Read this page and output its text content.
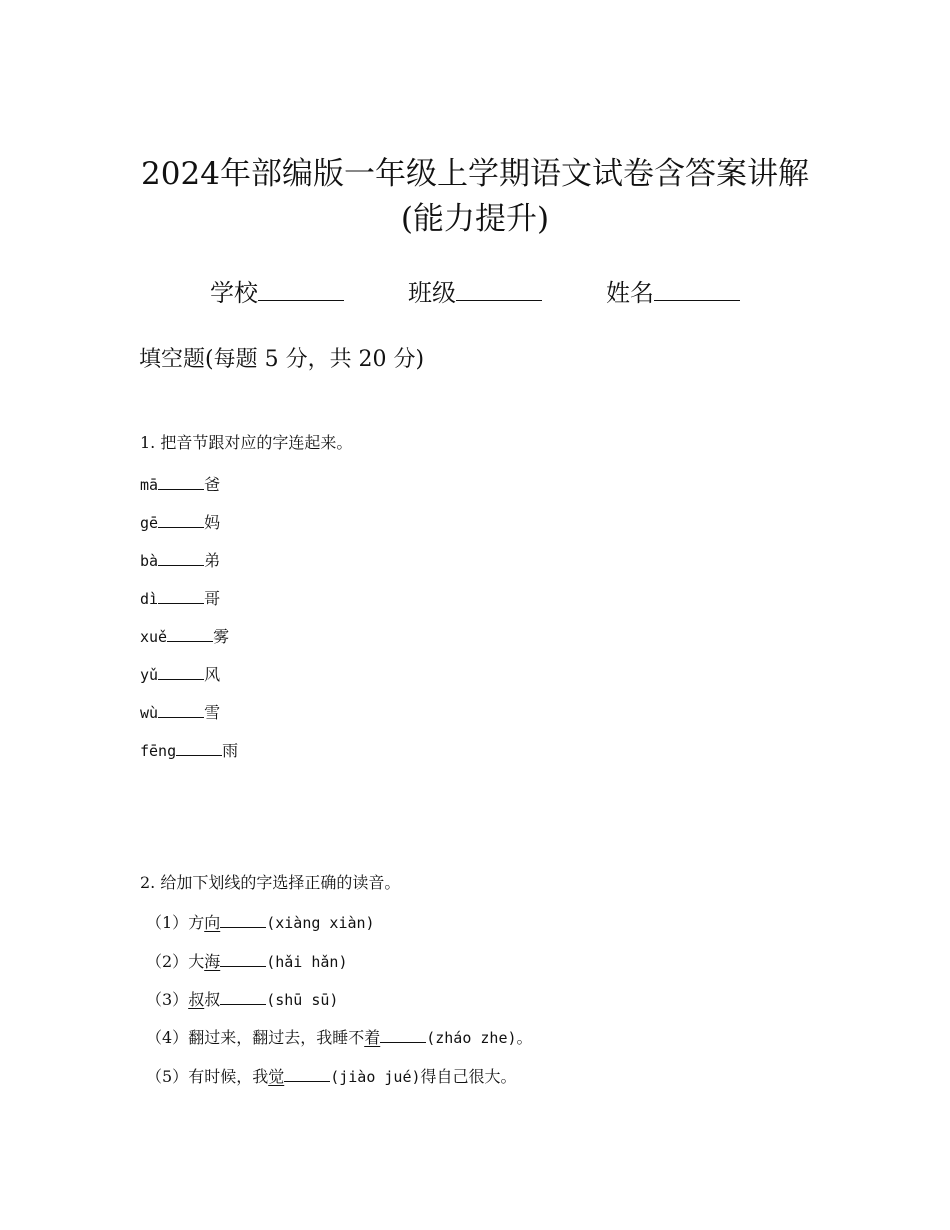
2024年部编版一年级上学期语文试卷含答案讲解
(能力提升)
学校	班级	姓名
填空题(每题 5 分，共 20 分)
1. 把音节跟对应的字连起来。
mā	爸
gē	妈
bà	弟
dì	哥
xuě	雾
yǔ	风
wù	雪
fēng	雨
2. 给加下划线的字选择正确的读音。
（1）方向	(xiàng xiàn)
（2）大海	(hǎi hǎn)
（3）叔叔	(shū sū)
（4）翻过来，翻过去，我睡不着	(zháo zhe)。
（5）有时候，我觉	(jiào jué)得自己很大。
